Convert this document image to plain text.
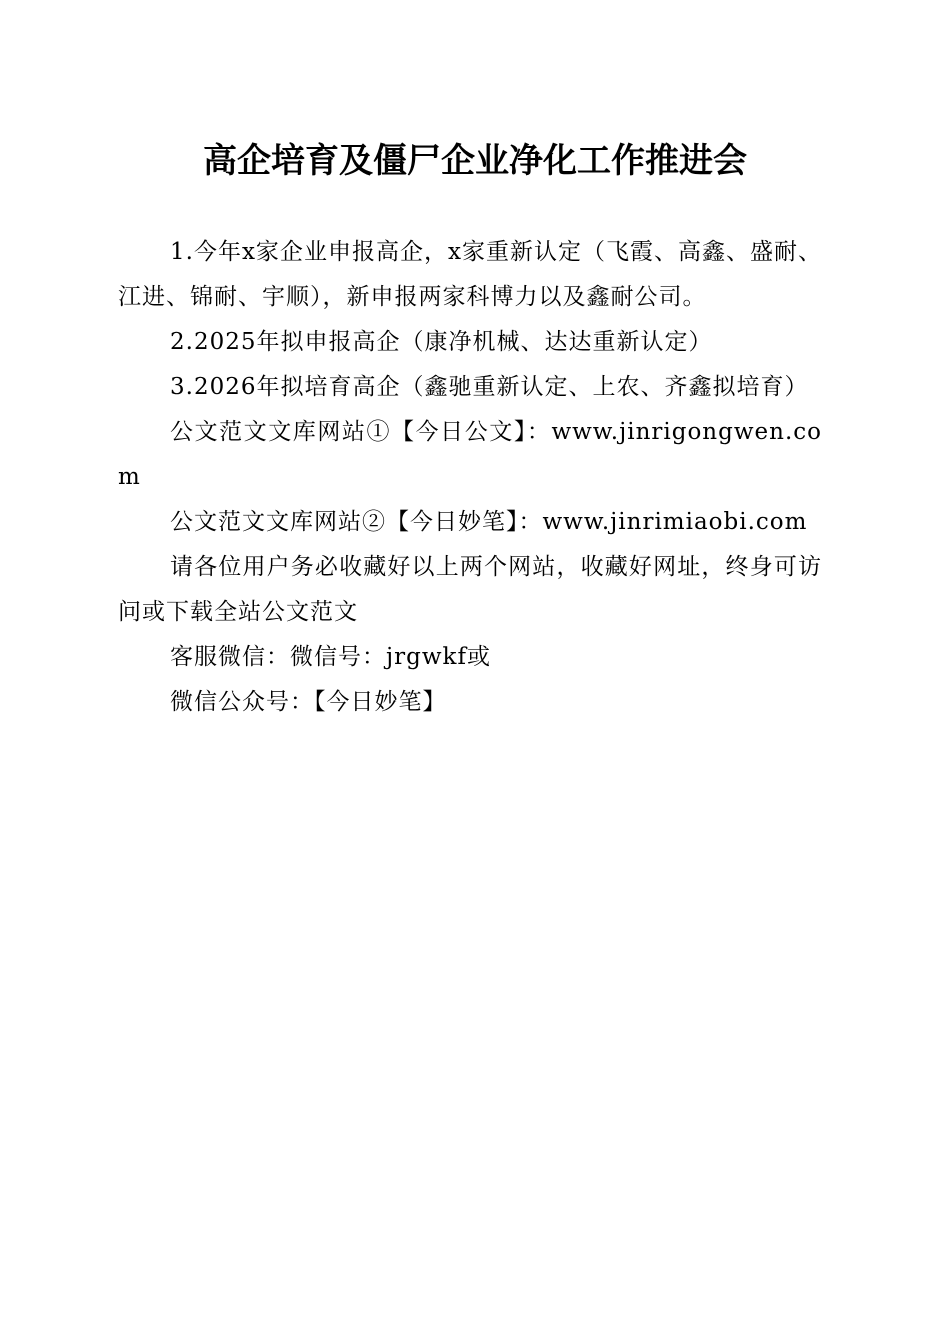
高企培育及僵尸企业净化工作推进会

1.今年x家企业申报高企，x家重新认定（飞霞、高鑫、盛耐、江进、锦耐、宇顺），新申报两家科博力以及鑫耐公司。

2.2025年拟申报高企（康净机械、达达重新认定）

3.2026年拟培育高企（鑫驰重新认定、上农、齐鑫拟培育）

公文范文文库网站①【今日公文】：www.jinrigongwen.com

公文范文文库网站②【今日妙笔】：www.jinrimiaobi.com

请各位用户务必收藏好以上两个网站，收藏好网址，终身可访问或下载全站公文范文

客服微信：微信号：jrgwkf或

微信公众号：【今日妙笔】
